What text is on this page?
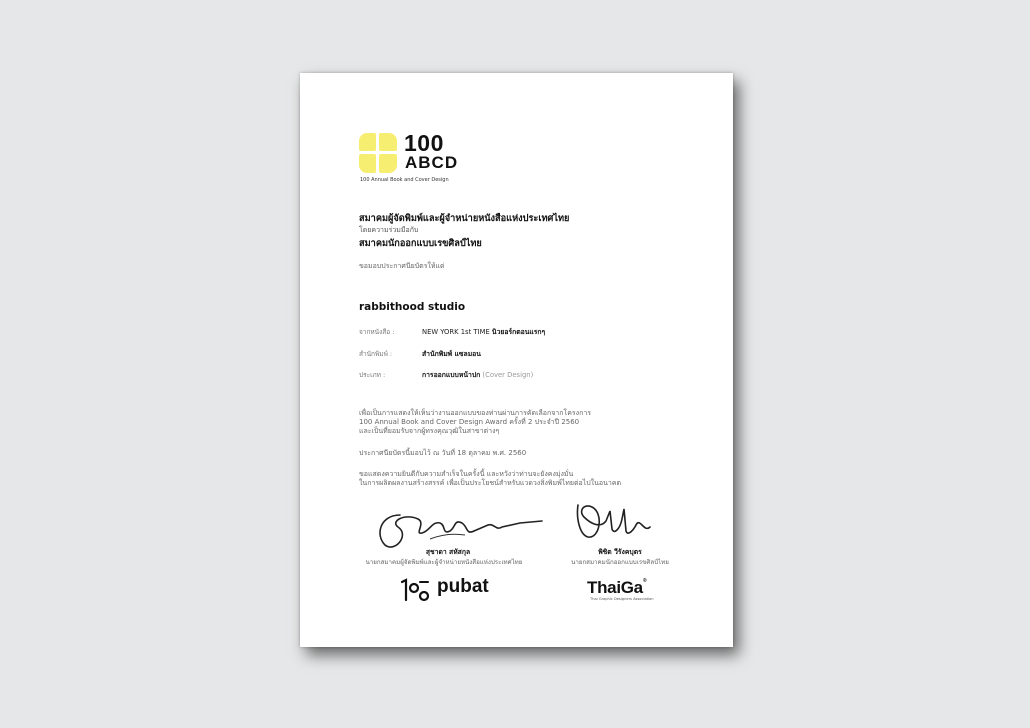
100
ABCD
100 Annual Book and Cover Design
สมาคมผู้จัดพิมพ์และผู้จำหน่ายหนังสือแห่งประเทศไทย
โดยความร่วมมือกับ
สมาคมนักออกแบบเรขศิลป์ไทย
ขอมอบประกาศนียบัตรให้แด่
rabbithood studio
จากหนังสือ :	NEW YORK 1st TIME นิวยอร์กตอนแรกๆ
สำนักพิมพ์ :	สำนักพิมพ์ แซลมอน
ประเภท :	การออกแบบหน้าปก (Cover Design)
เพื่อเป็นการแสดงให้เห็นว่างานออกแบบของท่านผ่านการคัดเลือกจากโครงการ
100 Annual Book and Cover Design Award ครั้งที่ 2 ประจำปี 2560
และเป็นที่ยอมรับจากผู้ทรงคุณวุฒิในสาขาต่างๆ
ประกาศนียบัตรนี้มอบไว้ ณ วันที่ 18 ตุลาคม พ.ศ. 2560
ขอแสดงความยินดีกับความสำเร็จในครั้งนี้ และหวังว่าท่านจะยังคงมุ่งมั่น
ในการผลิตผลงานสร้างสรรค์ เพื่อเป็นประโยชน์สำหรับแวดวงสิ่งพิมพ์ไทยต่อไปในอนาคต
สุชาดา สหัสกุล
นายกสมาคมผู้จัดพิมพ์และผู้จำหน่ายหนังสือแห่งประเทศไทย
พิชิต วีรังคบุตร
นายกสมาคมนักออกแบบเรขศิลป์ไทย
pubat	ThaiGa®
Thai Graphic Designers Association
